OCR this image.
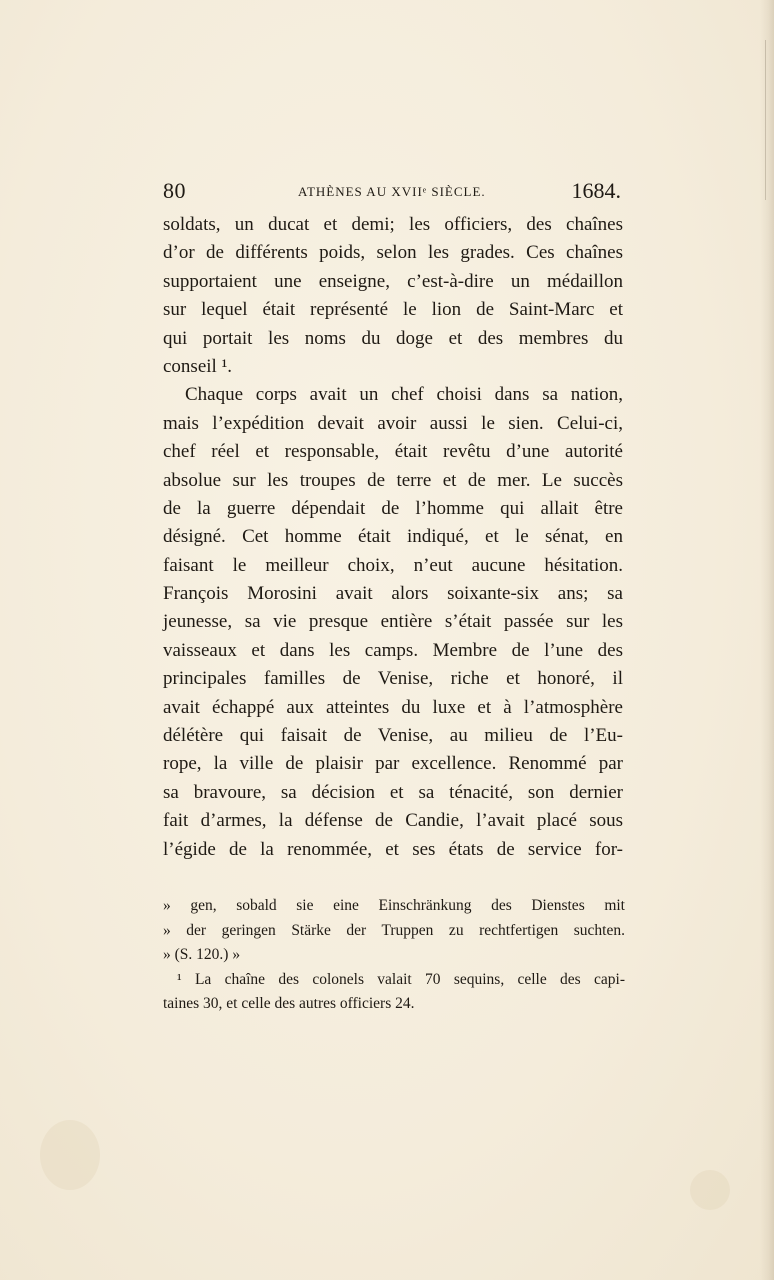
80	ATHÈNES AU XVIIᵉ SIÈCLE.	1684.
soldats, un ducat et demi; les officiers, des chaînes
d’or de différents poids, selon les grades. Ces chaînes
supportaient une enseigne, c’est-à-dire un médaillon
sur lequel était représenté le lion de Saint-Marc et
qui portait les noms du doge et des membres du
conseil ¹.
Chaque corps avait un chef choisi dans sa nation,
mais l’expédition devait avoir aussi le sien. Celui-ci,
chef réel et responsable, était revêtu d’une autorité
absolue sur les troupes de terre et de mer. Le succès
de la guerre dépendait de l’homme qui allait être
désigné. Cet homme était indiqué, et le sénat, en
faisant le meilleur choix, n’eut aucune hésitation.
François Morosini avait alors soixante-six ans; sa
jeunesse, sa vie presque entière s’était passée sur les
vaisseaux et dans les camps. Membre de l’une des
principales familles de Venise, riche et honoré, il
avait échappé aux atteintes du luxe et à l’atmosphère
délétère qui faisait de Venise, au milieu de l’Eu-
rope, la ville de plaisir par excellence. Renommé par
sa bravoure, sa décision et sa ténacité, son dernier
fait d’armes, la défense de Candie, l’avait placé sous
l’égide de la renommée, et ses états de service for-
» gen, sobald sie eine Einschränkung des Dienstes mit
» der geringen Stärke der Truppen zu rechtfertigen suchten.
» (S. 120.) »
¹ La chaîne des colonels valait 70 sequins, celle des capi-
taines 30, et celle des autres officiers 24.
